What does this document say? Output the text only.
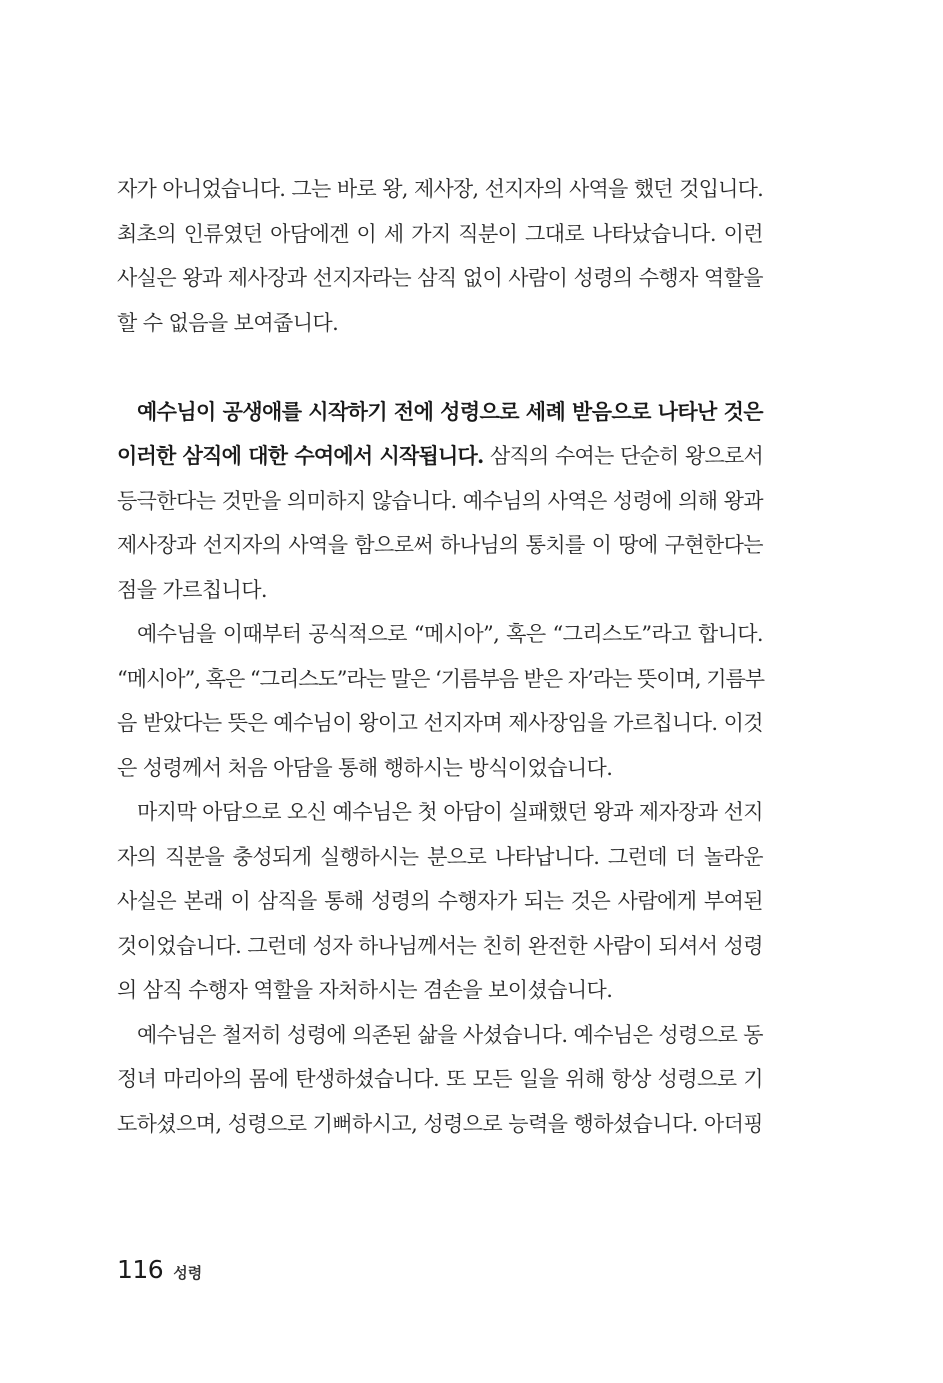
자가 아니었습니다. 그는 바로 왕, 제사장, 선지자의 사역을 했던 것입니다.
최초의 인류였던 아담에겐 이 세 가지 직분이 그대로 나타났습니다. 이런
사실은 왕과 제사장과 선지자라는 삼직 없이 사람이 성령의 수행자 역할을
할 수 없음을 보여줍니다.
예수님이 공생애를 시작하기 전에 성령으로 세례 받음으로 나타난 것은
이러한 삼직에 대한 수여에서 시작됩니다. 삼직의 수여는 단순히 왕으로서
등극한다는 것만을 의미하지 않습니다. 예수님의 사역은 성령에 의해 왕과
제사장과 선지자의 사역을 함으로써 하나님의 통치를 이 땅에 구현한다는
점을 가르칩니다.
예수님을 이때부터 공식적으로 “메시아”, 혹은 “그리스도”라고 합니다.
“메시아”, 혹은 “그리스도”라는 말은 ‘기름부음 받은 자’라는 뜻이며, 기름부
음 받았다는 뜻은 예수님이 왕이고 선지자며 제사장임을 가르칩니다. 이것
은 성령께서 처음 아담을 통해 행하시는 방식이었습니다.
마지막 아담으로 오신 예수님은 첫 아담이 실패했던 왕과 제자장과 선지
자의 직분을 충성되게 실행하시는 분으로 나타납니다. 그런데 더 놀라운
사실은 본래 이 삼직을 통해 성령의 수행자가 되는 것은 사람에게 부여된
것이었습니다. 그런데 성자 하나님께서는 친히 완전한 사람이 되셔서 성령
의 삼직 수행자 역할을 자처하시는 겸손을 보이셨습니다.
예수님은 철저히 성령에 의존된 삶을 사셨습니다. 예수님은 성령으로 동
정녀 마리아의 몸에 탄생하셨습니다. 또 모든 일을 위해 항상 성령으로 기
도하셨으며, 성령으로 기뻐하시고, 성령으로 능력을 행하셨습니다. 아더핑
116 성령
